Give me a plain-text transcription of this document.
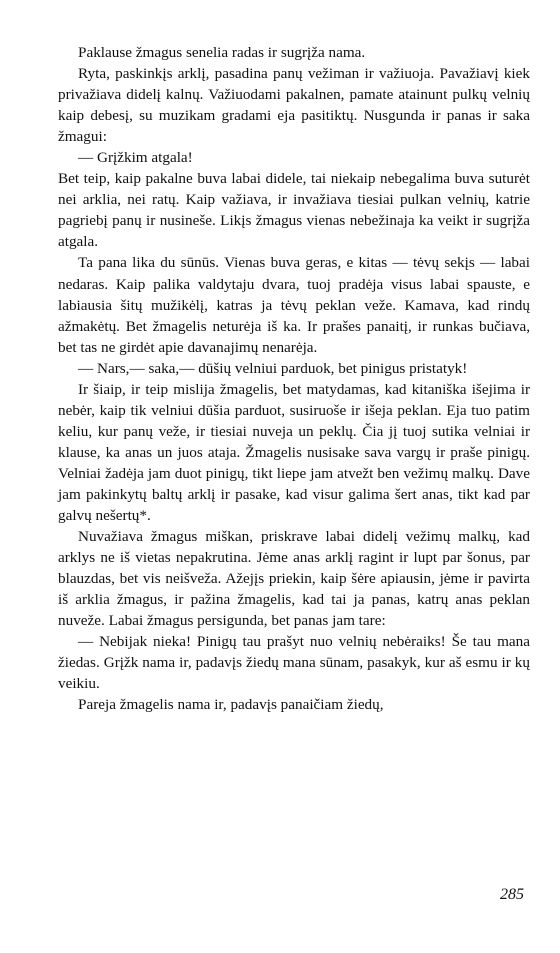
Paklause žmagus senelia radas ir sugrįža nama.

Ryta, paskinkįs arklį, pasadina panų vežiman ir važiuoja. Pavažiavį kiek privažiava didelį kalnų. Važiuodami pakalnen, pamate atainunt pulkų velnių kaip debesį, su muzikam gradami eja pasitiktų. Nusgunda ir panas ir saka žmagui:

— Grįžkim atgala!

Bet teip, kaip pakalne buva labai didele, tai niekaip nebegalima buva suturėt nei arklia, nei ratų. Kaip važiava, ir invažiava tiesiai pulkan velnių, katrie pagriebį panų ir nusineše. Likįs žmagus vienas nebežinaja ka veikt ir sugrįža atgala.

Ta pana lika du sūnūs. Vienas buva geras, e kitas — tėvų sekįs — labai nedaras. Kaip palika valdytaju dvara, tuoj pradėja visus labai spauste, e labiausia šitų mužikėlį, katras ja tėvų peklan veže. Kamava, kad rindų ažmakėtų. Bet žmagelis neturėja iš ka. Ir prašes panaitį, ir runkas bučiava, bet tas ne girdėt apie davanajimų nenarėja.

— Nars,— saka,— dūšių velniui parduok, bet pinigus pristatyk!

Ir šiaip, ir teip mislija žmagelis, bet matydamas, kad kitaniška išejima ir nebėr, kaip tik velniui dūšia parduot, susiruoše ir išeja peklan. Eja tuo patim keliu, kur panų veže, ir tiesiai nuveja un peklų. Čia jį tuoj sutika velniai ir klause, ka anas un juos ataja. Žmagelis nusisake sava vargų ir praše pinigų. Velniai žadėja jam duot pinigų, tikt liepe jam atvežt ben vežimų malkų. Dave jam pakinkytų baltų arklį ir pasake, kad visur galima šert anas, tikt kad par galvų nešertų*.

Nuvažiava žmagus miškan, priskrave labai didelį vežimų malkų, kad arklys ne iš vietas nepakrutina. Jėme anas arklį ragint ir lupt par šonus, par blauzdas, bet vis neišveža. Ažejįs priekin, kaip šėre apiausin, jėme ir pavirta iš arklia žmagus, ir pažina žmagelis, kad tai ja panas, katrų anas peklan nuveže. Labai žmagus persigunda, bet panas jam tare:

— Nebijak nieka! Pinigų tau prašyt nuo velnių nebėraiks! Še tau mana žiedas. Grįžk nama ir, padavįs žiedų mana sūnam, pasakyk, kur aš esmu ir kų veikiu.

Pareja žmagelis nama ir, padavįs panaičiam žiedų,

285
